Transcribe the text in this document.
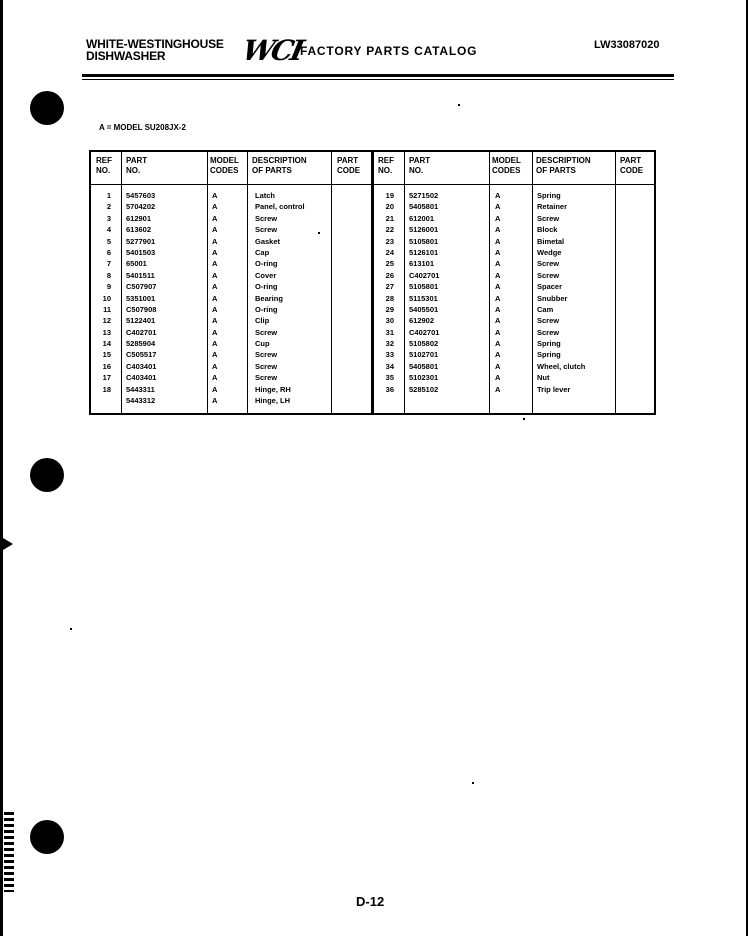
WHITE-WESTINGHOUSE
DISHWASHER	WCI
FACTORY PARTS CATALOG	LW33087020
A = MODEL SU208JX-2
REF
NO.
PART
NO.
MODEL
CODES
DESCRIPTION
OF PARTS
PART
CODE
REF
NO.
PART
NO.
MODEL
CODES
DESCRIPTION
OF PARTS
PART
CODE
1
2
3
4
5
6
7
8
9
10
11
12
13
14
15
16
17
18
5457603
5704202
612901
613602
5277901
5401503
65001
5401511
C507907
5351001
C507908
5122401
C402701
5285904
C505517
C403401
C403401
5443311
5443312
A
A
A
A
A
A
A
A
A
A
A
A
A
A
A
A
A
A
A
Latch
Panel, control
Screw
Screw
Gasket
Cap
O-ring
Cover
O-ring
Bearing
O-ring
Clip
Screw
Cup
Screw
Screw
Screw
Hinge, RH
Hinge, LH
19
20
21
22
23
24
25
26
27
28
29
30
31
32
33
34
35
36
5271502
5405801
612001
5126001
5105801
5126101
613101
C402701
5105801
5115301
5405501
612902
C402701
5105802
5102701
5405801
5102301
5285102
A
A
A
A
A
A
A
A
A
A
A
A
A
A
A
A
A
A
Spring
Retainer
Screw
Block
Bimetal
Wedge
Screw
Screw
Spacer
Snubber
Cam
Screw
Screw
Spring
Spring
Wheel, clutch
Nut
Trip lever
D-12
